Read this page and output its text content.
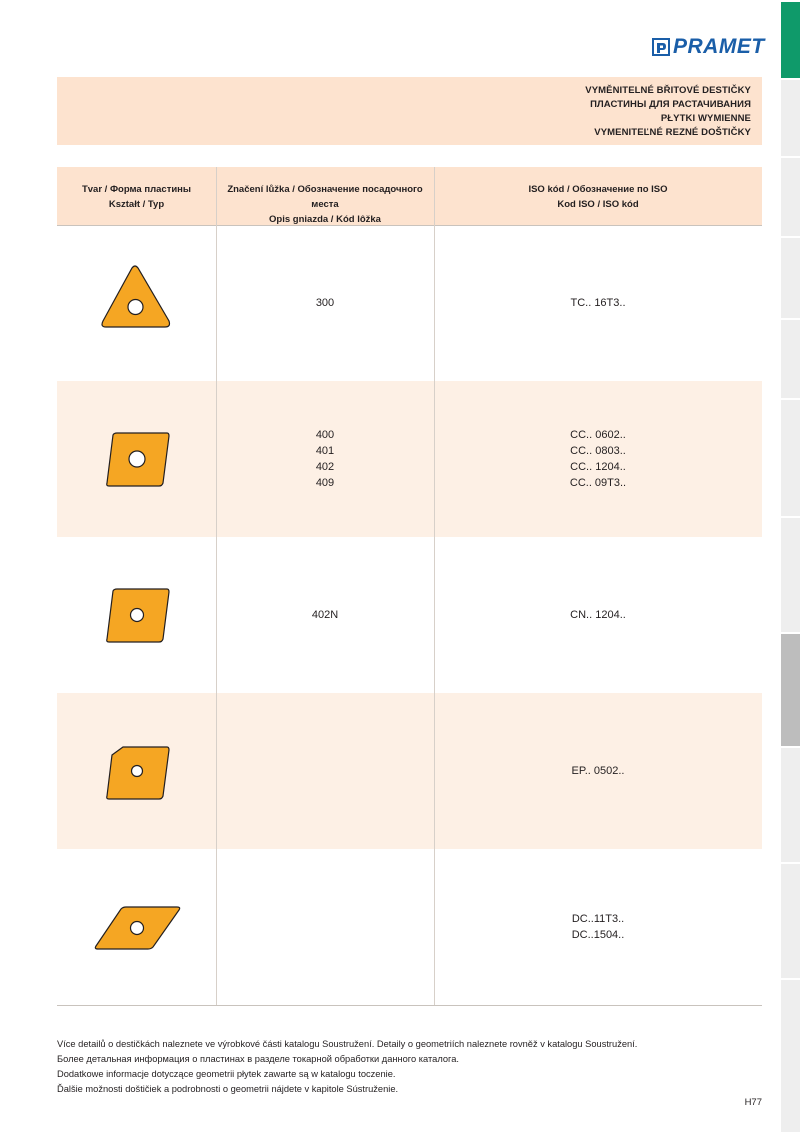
PRAMET
VYMĚNITELNÉ BŘITOVÉ DESTIČKY
ПЛАСТИНЫ ДЛЯ РАСТАЧИВАНИЯ
PŁYTKI WYMIENNE
VYMENITEĽNÉ REZNÉ DOŠTIČKY
Tvar / Форма пластины
Kształt / Typ
Značení lůžka / Обозначение посадочного места
Opis gniazda / Kód lôžka
ISO kód / Обозначение по ISO
Kod ISO / ISO kód
300	TC.. 16T3..
400
401
402
409
CC.. 0602..
CC.. 0803..
CC.. 1204..
CC.. 09T3..
402N	CN.. 1204..
EP.. 0502..
DC..11T3..
DC..1504..
Více detailů o destičkách naleznete ve výrobkové části katalogu Soustružení. Detaily o geometriích naleznete rovněž v katalogu Soustružení.
Более детальная информация о пластинах в разделе токарной обработки данного каталога.
Dodatkowe informacje dotyczące geometrii płytek zawarte są w katalogu toczenie.
Ďalšie možnosti doštičiek a podrobnosti o geometrii nájdete v kapitole Sústruženie.
H77
